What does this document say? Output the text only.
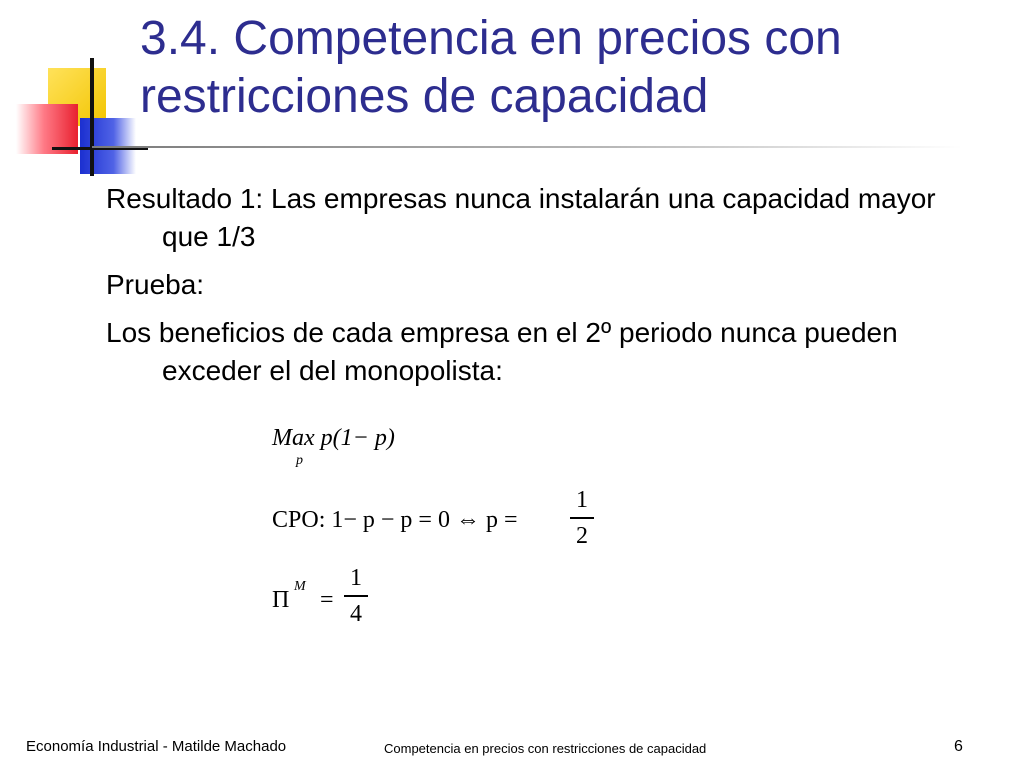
3.4. Competencia en precios con restricciones de capacidad

Resultado 1: Las empresas nunca instalarán una capacidad mayor que 1/3

Prueba:

Los beneficios de cada empresa en el 2º periodo nunca pueden exceder el del monopolista:

Max p(1− p)
p
CPO: 1− p − p = 0 ⇔ p =
1
2
Π
M
=
1
4
Economía Industrial - Matilde Machado	Competencia en precios con restricciones de capacidad	6
